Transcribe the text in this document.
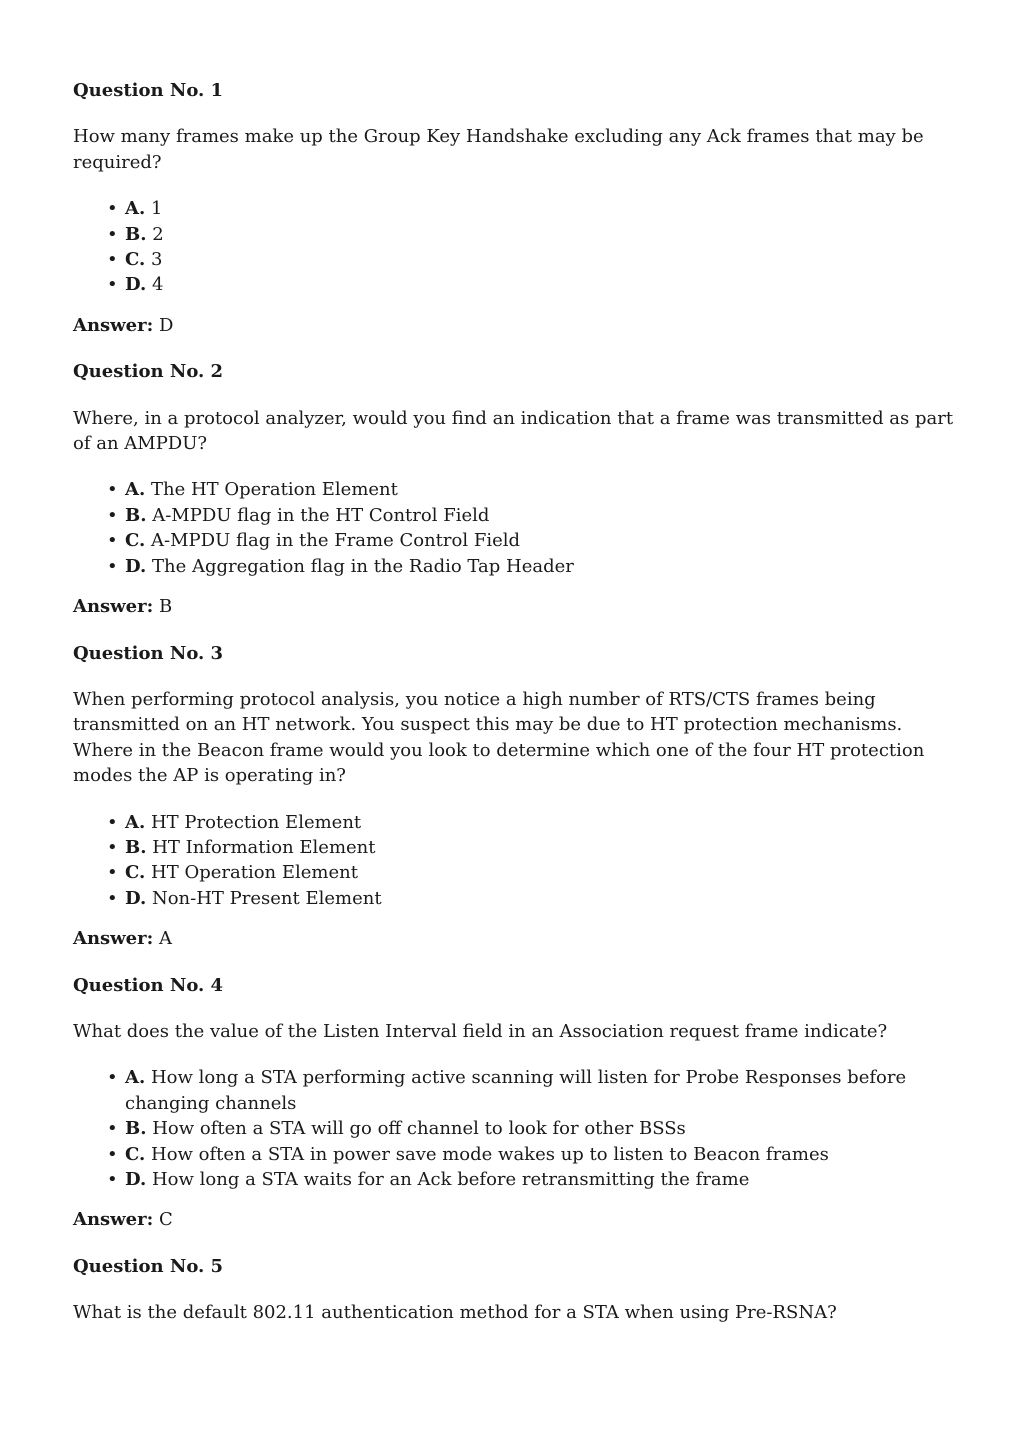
Question No. 1
How many frames make up the Group Key Handshake excluding any Ack frames that may be required?
• A. 1
• B. 2
• C. 3
• D. 4
Answer: D
Question No. 2
Where, in a protocol analyzer, would you find an indication that a frame was transmitted as part of an AMPDU?
• A. The HT Operation Element
• B. A-MPDU flag in the HT Control Field
• C. A-MPDU flag in the Frame Control Field
• D. The Aggregation flag in the Radio Tap Header
Answer: B
Question No. 3
When performing protocol analysis, you notice a high number of RTS/CTS frames being transmitted on an HT network. You suspect this may be due to HT protection mechanisms. Where in the Beacon frame would you look to determine which one of the four HT protection modes the AP is operating in?
• A. HT Protection Element
• B. HT Information Element
• C. HT Operation Element
• D. Non-HT Present Element
Answer: A
Question No. 4
What does the value of the Listen Interval field in an Association request frame indicate?
• A. How long a STA performing active scanning will listen for Probe Responses before changing channels
• B. How often a STA will go off channel to look for other BSSs
• C. How often a STA in power save mode wakes up to listen to Beacon frames
• D. How long a STA waits for an Ack before retransmitting the frame
Answer: C
Question No. 5
What is the default 802.11 authentication method for a STA when using Pre-RSNA?
